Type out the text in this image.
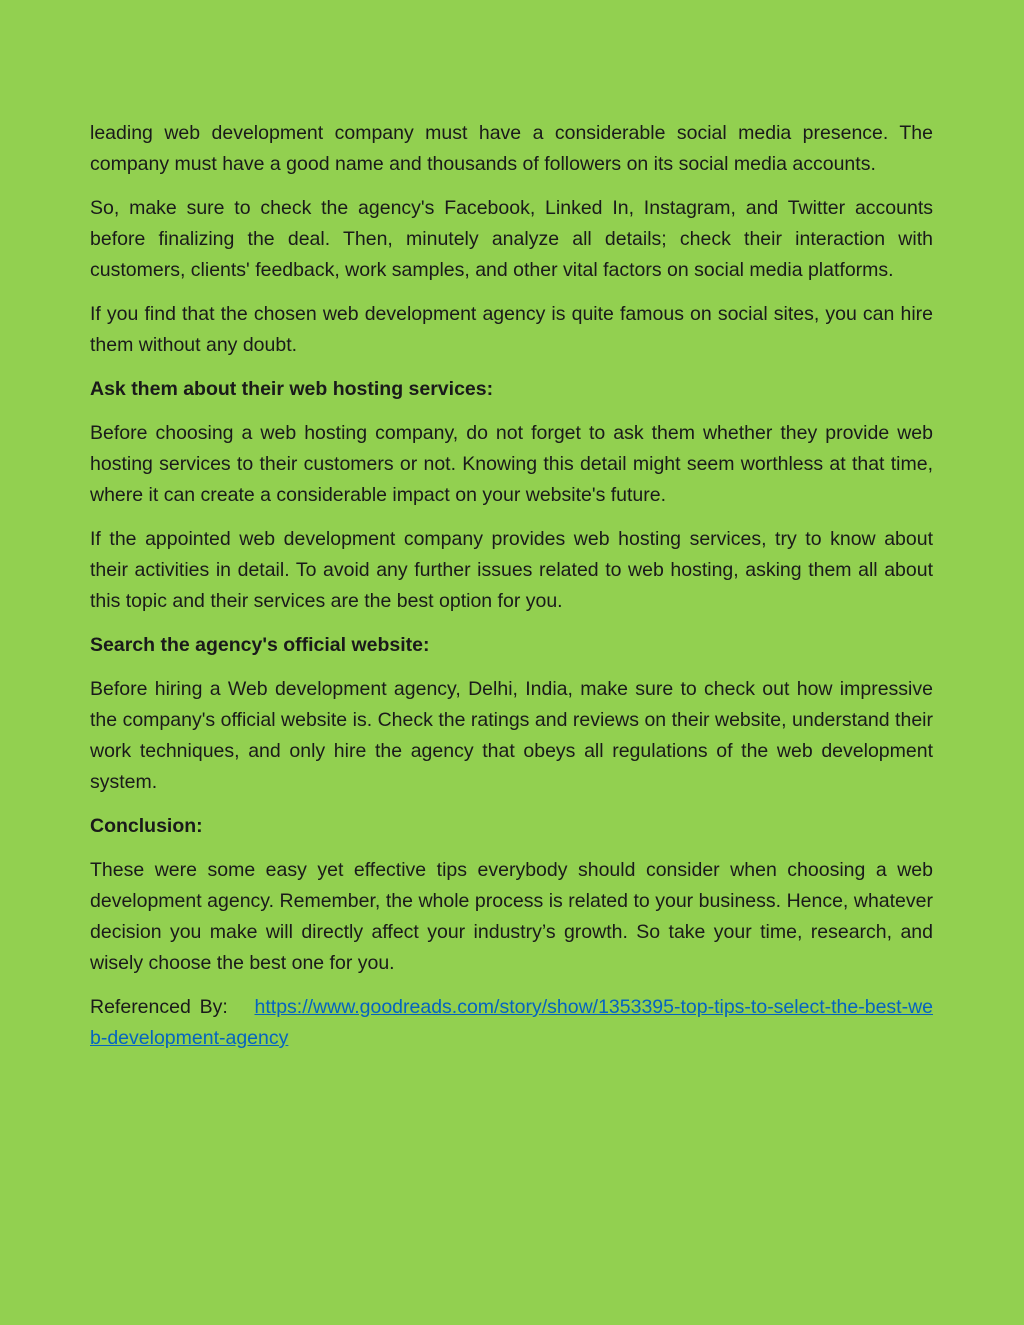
leading web development company must have a considerable social media presence. The company must have a good name and thousands of followers on its social media accounts.

So, make sure to check the agency's Facebook, Linked In, Instagram, and Twitter accounts before finalizing the deal. Then, minutely analyze all details; check their interaction with customers, clients' feedback, work samples, and other vital factors on social media platforms.

If you find that the chosen web development agency is quite famous on social sites, you can hire them without any doubt.

Ask them about their web hosting services:

Before choosing a web hosting company, do not forget to ask them whether they provide web hosting services to their customers or not. Knowing this detail might seem worthless at that time, where it can create a considerable impact on your website's future.

If the appointed web development company provides web hosting services, try to know about their activities in detail. To avoid any further issues related to web hosting, asking them all about this topic and their services are the best option for you.

Search the agency's official website:

Before hiring a Web development agency, Delhi, India, make sure to check out how impressive the company's official website is. Check the ratings and reviews on their website, understand their work techniques, and only hire the agency that obeys all regulations of the web development system.

Conclusion:

These were some easy yet effective tips everybody should consider when choosing a web development agency. Remember, the whole process is related to your business. Hence, whatever decision you make will directly affect your industry’s growth. So take your time, research, and wisely choose the best one for you.

Referenced By: https://www.goodreads.com/story/show/1353395-top-tips-to-select-the-best-web-development-agency
